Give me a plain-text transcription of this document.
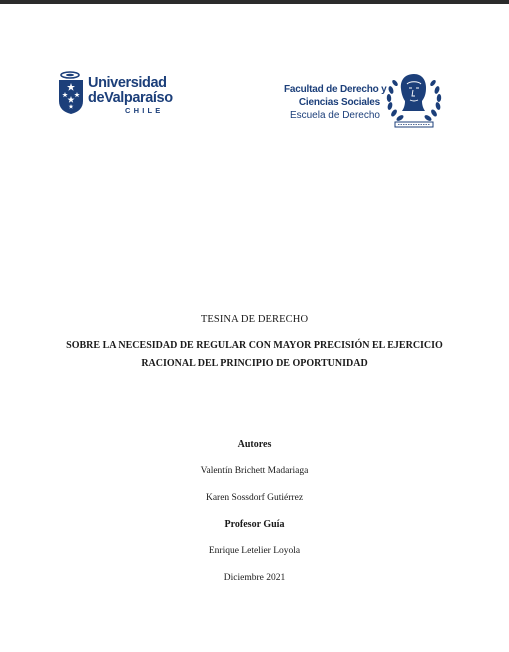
Universidad
deValparaíso
CHILE
Facultad de Derecho y
Ciencias Sociales
Escuela de Derecho
TESINA DE DERECHO
SOBRE LA NECESIDAD DE REGULAR CON MAYOR PRECISIÓN EL EJERCICIO
RACIONAL DEL PRINCIPIO DE OPORTUNIDAD
Autores
Valentín Brichett Madariaga
Karen Sossdorf Gutiérrez
Profesor Guía
Enrique Letelier Loyola
Diciembre 2021
